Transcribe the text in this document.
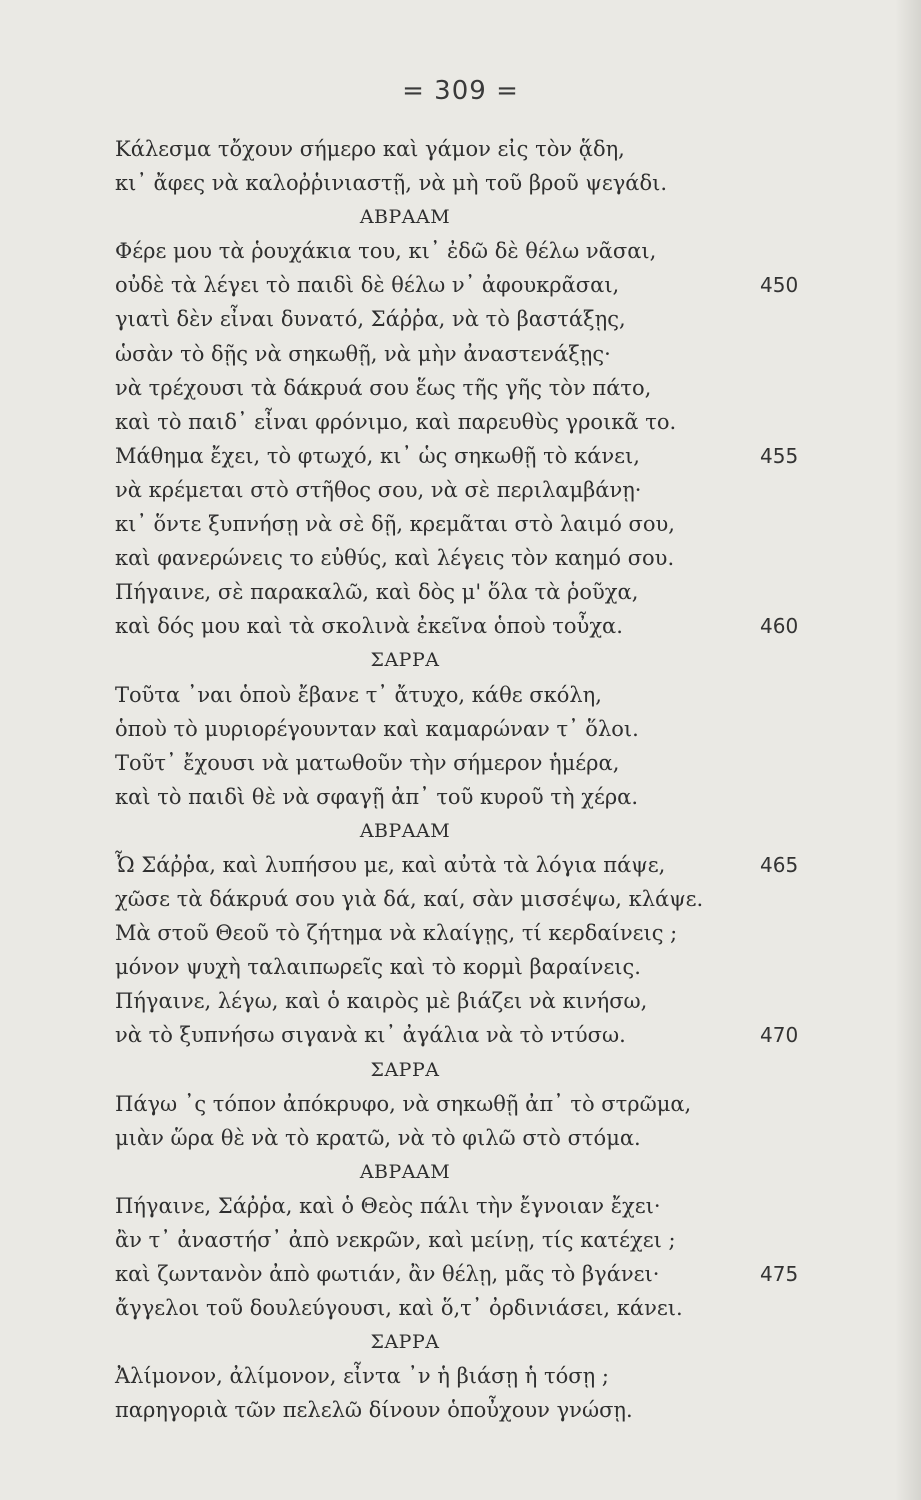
= 309 =
Κάλεσμα τὄχουν σήμερο καὶ γάμον εἰς τὸν ᾅδη,
κι᾿ ἄφες νὰ καλοῤῥινιαστῇ, νὰ μὴ τοῦ βροῦ ψεγάδι.
ΑΒΡΑΑΜ
Φέρε μου τὰ ῥουχάκια του, κι᾿ ἐδῶ δὲ θέλω νᾶσαι,
οὐδὲ τὰ λέγει τὸ παιδὶ δὲ θέλω ν᾿ ἀφουκρᾶσαι,	450
γιατὶ δὲν εἶναι δυνατό, Σάῤῥα, νὰ τὸ βαστάξῃς,
ὡσὰν τὸ δῇς νὰ σηκωθῇ, νὰ μὴν ἀναστενάξῃς·
νὰ τρέχουσι τὰ δάκρυά σου ἕως τῆς γῆς τὸν πάτο,
καὶ τὸ παιδ᾿ εἶναι φρόνιμο, καὶ παρευθὺς γροικᾶ το.
Μάθημα ἔχει, τὸ φτωχό, κι᾿ ὡς σηκωθῇ τὸ κάνει,	455
νὰ κρέμεται στὸ στῆθος σου, νὰ σὲ περιλαμβάνῃ·
κι᾿ ὅντε ξυπνήσῃ νὰ σὲ δῇ, κρεμᾶται στὸ λαιμό σου,
καὶ φανερώνεις το εὐθύς, καὶ λέγεις τὸν καημό σου.
Πήγαινε, σὲ παρακαλῶ, καὶ δὸς μ' ὅλα τὰ ῥοῦχα,
καὶ δός μου καὶ τὰ σκολινὰ ἐκεῖνα ὁποὺ τοὖχα.	460
ΣΑΡΡΑ
Τοῦτα ᾿ναι ὁποὺ ἔβανε τ᾿ ἄτυχο, κάθε σκόλη,
ὁποὺ τὸ μυριορέγουνταν καὶ καμαρώναν τ᾿ ὅλοι.
Τοῦτ᾿ ἔχουσι νὰ ματωθοῦν τὴν σήμερον ἡμέρα,
καὶ τὸ παιδὶ θὲ νὰ σφαγῇ ἀπ᾿ τοῦ κυροῦ τὴ χέρα.
ΑΒΡΑΑΜ
Ὦ Σάῤῥα, καὶ λυπήσου με, καὶ αὐτὰ τὰ λόγια πάψε,	465
χῶσε τὰ δάκρυά σου γιὰ δά, καί, σὰν μισσέψω, κλάψε.
Μὰ στοῦ Θεοῦ τὸ ζήτημα νὰ κλαίγῃς, τί κερδαίνεις ;
μόνον ψυχὴ ταλαιπωρεῖς καὶ τὸ κορμὶ βαραίνεις.
Πήγαινε, λέγω, καὶ ὁ καιρὸς μὲ βιάζει νὰ κινήσω,
νὰ τὸ ξυπνήσω σιγανὰ κι᾿ ἀγάλια νὰ τὸ ντύσω.	470
ΣΑΡΡΑ
Πάγω ᾿ς τόπον ἀπόκρυφο, νὰ σηκωθῇ ἀπ᾿ τὸ στρῶμα,
μιὰν ὥρα θὲ νὰ τὸ κρατῶ, νὰ τὸ φιλῶ στὸ στόμα.
ΑΒΡΑΑΜ
Πήγαινε, Σάῤῥα, καὶ ὁ Θεὸς πάλι τὴν ἔγνοιαν ἔχει·
ἂν τ᾿ ἀναστήσ᾿ ἀπὸ νεκρῶν, καὶ μείνῃ, τίς κατέχει ;
καὶ ζωντανὸν ἀπὸ φωτιάν, ἂν θέλῃ, μᾶς τὸ βγάνει·	475
ἄγγελοι τοῦ δουλεύγουσι, καὶ ὅ,τ᾿ ὀρδινιάσει, κάνει.
ΣΑΡΡΑ
Ἀλίμονον, ἀλίμονον, εἶντα ᾿ν ἡ βιάσῃ ἡ τόσῃ ;
παρηγοριὰ τῶν πελελῶ δίνουν ὁποὖχουν γνώσῃ.
